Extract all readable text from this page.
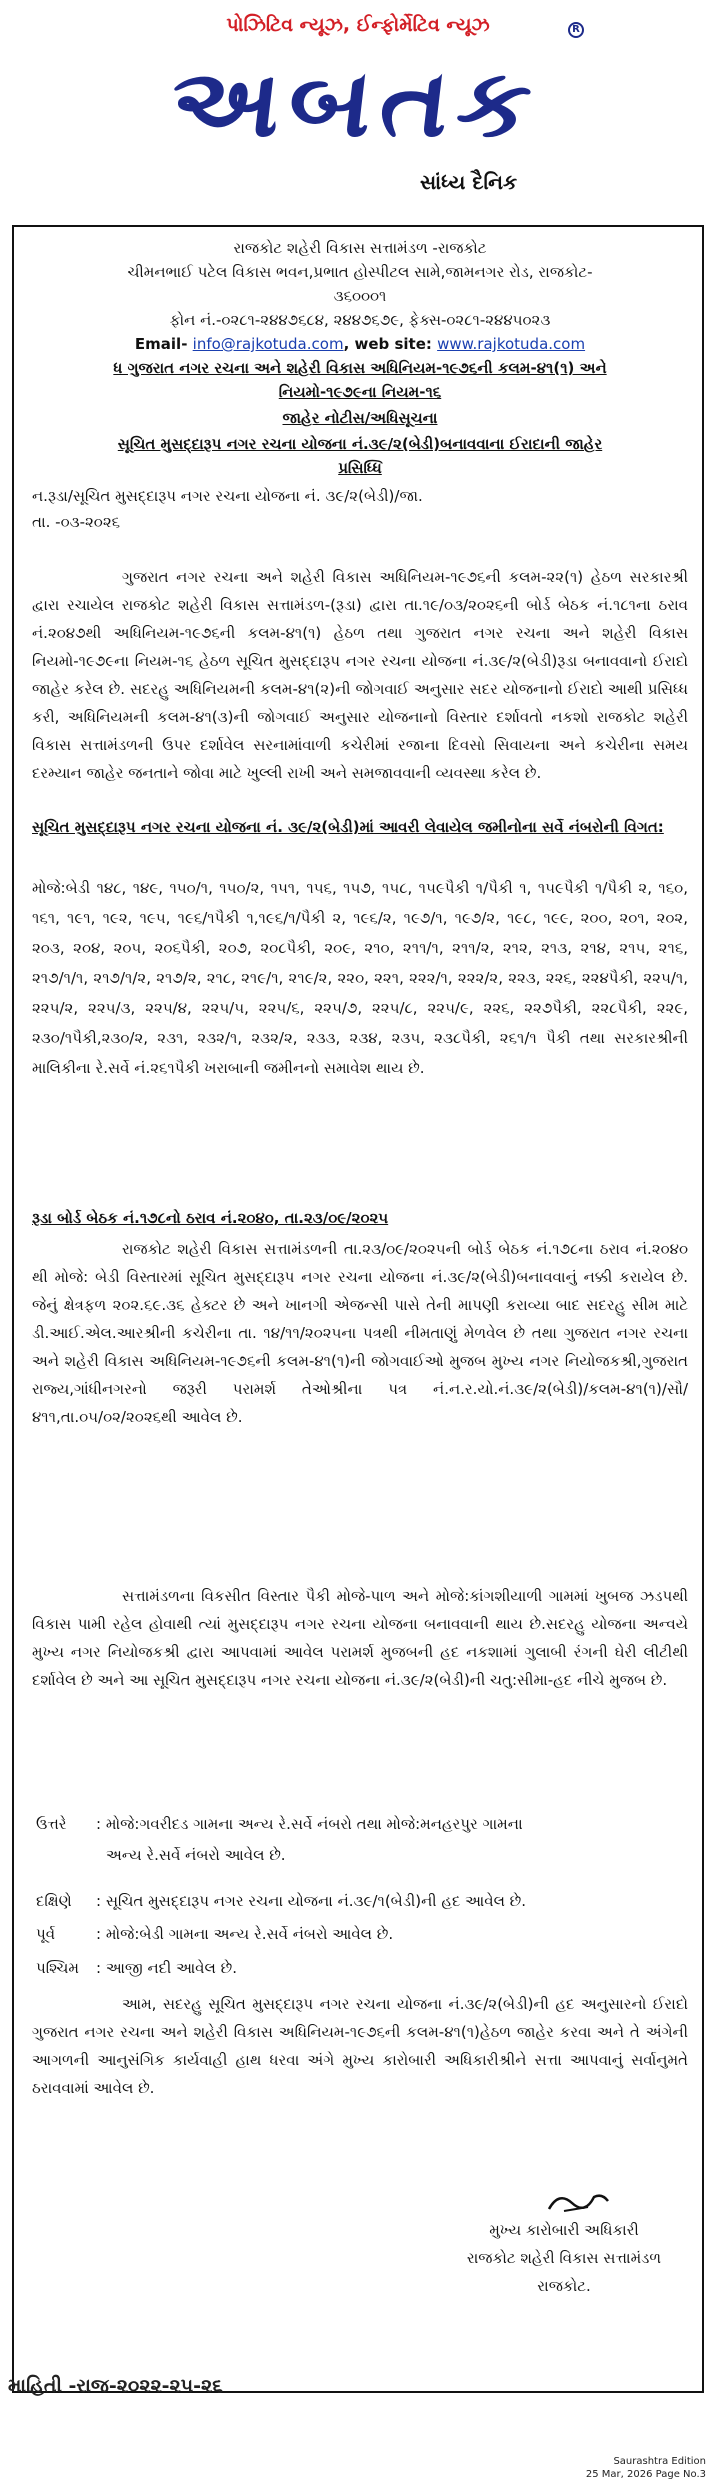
પોઝિટિવ ન્યૂઝ, ઈન્ફોર્મેટિવ ન્યૂઝ	R
અબતક
સાંધ્ય દૈનિક
રાજકોટ શહેરી વિકાસ સત્તામંડળ -રાજકોટ
ચીમનભાઈ પટેલ વિકાસ ભવન,પ્રભાત હોસ્પીટલ સામે,જામનગર રોડ, રાજકોટ-
૩૬૦૦૦૧
ફોન નં.-૦૨૮૧-૨૪૪૭૬૮૪, ૨૪૪૭૬૭૯, ફેક્સ-૦૨૮૧-૨૪૪૫૦૨૩
Email- info@rajkotuda.com, web site: www.rajkotuda.com
ધ ગુજરાત નગર રચના અને શહેરી વિકાસ અધિનિયમ-૧૯૭૬ની કલમ-૪૧(૧) અને
નિયમો-૧૯૭૯ના નિયમ-૧૬
જાહેર નોટીસ/અધિસૂચના
સૂચિત મુસદ્દારૂપ નગર રચના યોજના નં.૩૯/૨(બેડી)બનાવવાના ઈરાદાની જાહેર
પ્રસિધ્ધિ
ન.રૂડા/સૂચિત મુસદ્દારૂપ નગર રચના યોજના નં. ૩૯/૨(બેડી)/જા.
તા. -૦૩-૨૦૨૬

ગુજરાત નગર રચના અને શહેરી વિકાસ અધિનિયમ-૧૯૭૬ની કલમ-૨૨(૧) હેઠળ સરકારશ્રી દ્વારા રચાયેલ રાજકોટ શહેરી વિકાસ સત્તામંડળ-(રૂડા) દ્વારા તા.૧૯/૦૩/૨૦૨૬ની બોર્ડ બેઠક નં.૧૮૧ના ઠરાવ નં.૨૦૪૭થી અધિનિયમ-૧૯૭૬ની કલમ-૪૧(૧) હેઠળ તથા ગુજરાત નગર રચના અને શહેરી વિકાસ નિયમો-૧૯૭૯ના નિયમ-૧૬ હેઠળ સૂચિત મુસદ્દારૂપ નગર રચના યોજના નં.૩૯/૨(બેડી)રૂડા બનાવવાનો ઈરાદો જાહેર કરેલ છે. સદરહુ અધિનિયમની કલમ-૪૧(૨)ની જોગવાઈ અનુસાર સદર યોજનાનો ઈરાદો આથી પ્રસિધ્ધ કરી, અધિનિયમની કલમ-૪૧(૩)ની જોગવાઈ અનુસાર યોજનાનો વિસ્તાર દર્શાવતો નકશો રાજકોટ શહેરી વિકાસ સત્તામંડળની ઉપર દર્શાવેલ સરનામાંવાળી કચેરીમાં રજાના દિવસો સિવાયના અને કચેરીના સમય દરમ્યાન જાહેર જનતાને જોવા માટે ખુલ્લી રાખી અને સમજાવવાની વ્યવસ્થા કરેલ છે.

સૂચિત મુસદ્દારૂપ નગર રચના યોજના નં. ૩૯/૨(બેડી)માં આવરી લેવાયેલ જમીનોના સર્વે નંબરોની વિગત:
મોજે:બેડી ૧૪૮, ૧૪૯, ૧૫૦/૧, ૧૫૦/૨, ૧૫૧, ૧૫૬, ૧૫૭, ૧૫૮, ૧૫૯પૈકી ૧/પૈકી ૧, ૧૫૯પૈકી ૧/પૈકી ૨, ૧૬૦, ૧૬૧, ૧૯૧, ૧૯૨, ૧૯૫, ૧૯૬/૧પૈકી ૧,૧૯૬/૧/પૈકી ૨, ૧૯૬/૨, ૧૯૭/૧, ૧૯૭/૨, ૧૯૮, ૧૯૯, ૨૦૦, ૨૦૧, ૨૦૨, ૨૦૩, ૨૦૪, ૨૦૫, ૨૦૬પૈકી, ૨૦૭, ૨૦૮પૈકી, ૨૦૯, ૨૧૦, ૨૧૧/૧, ૨૧૧/૨, ૨૧૨, ૨૧૩, ૨૧૪, ૨૧૫, ૨૧૬, ૨૧૭/૧/૧, ૨૧૭/૧/૨, ૨૧૭/૨, ૨૧૮, ૨૧૯/૧, ૨૧૯/૨, ૨૨૦, ૨૨૧, ૨૨૨/૧, ૨૨૨/૨, ૨૨૩, ૨૨૬, ૨૨૪પૈકી, ૨૨૫/૧, ૨૨૫/૨, ૨૨૫/૩, ૨૨૫/૪, ૨૨૫/૫, ૨૨૫/૬, ૨૨૫/૭, ૨૨૫/૮, ૨૨૫/૯, ૨૨૬, ૨૨૭પૈકી, ૨૨૮પૈકી, ૨૨૯, ૨૩૦/૧પૈકી,૨૩૦/૨, ૨૩૧, ૨૩૨/૧, ૨૩૨/૨, ૨૩૩, ૨૩૪, ૨૩૫, ૨૩૮પૈકી, ૨૬૧/૧ પૈકી તથા સરકારશ્રીની માલિકીના રે.સર્વે નં.૨૬૧પૈકી ખરાબાની જમીનનો સમાવેશ થાય છે.
રૂડા બોર્ડ બેઠક નં.૧૭૮નો ઠરાવ નં.૨૦૪૦, તા.૨૩/૦૯/૨૦૨૫

રાજકોટ શહેરી વિકાસ સત્તામંડળની તા.૨૩/૦૯/૨૦૨૫ની બોર્ડ બેઠક નં.૧૭૮ના ઠરાવ નં.૨૦૪૦ થી મોજે: બેડી વિસ્તારમાં સૂચિત મુસદ્દારૂપ નગર રચના યોજના નં.૩૯/૨(બેડી)બનાવવાનું નક્કી કરાયેલ છે. જેનું ક્ષેત્રફળ ૨૦૨.૬૯.૩૬ હેક્ટર છે અને ખાનગી એજન્સી પાસે તેની માપણી કરાવ્યા બાદ સદરહુ સીમ માટે ડી.આઈ.એલ.આરશ્રીની કચેરીના તા. ૧૪/૧૧/૨૦૨૫ના પત્રથી નીમતાણું મેળવેલ છે તથા ગુજરાત નગર રચના અને શહેરી વિકાસ અધિનિયમ-૧૯૭૬ની કલમ-૪૧(૧)ની જોગવાઈઓ મુજબ મુખ્ય નગર નિયોજકશ્રી,ગુજરાત રાજ્ય,ગાંધીનગરનો જરૂરી પરામર્શ તેઓશ્રીના પત્ર નં.ન.ર.યો.નં.૩૯/૨(બેડી)/કલમ-૪૧(૧)/સૌ/૪૧૧,તા.૦૫/૦૨/૨૦૨૬થી આવેલ છે.

સત્તામંડળના વિકસીત વિસ્તાર પૈકી મોજે-પાળ અને મોજે:કાંગશીયાળી ગામમાં ખુબજ ઝડપથી વિકાસ પામી રહેલ હોવાથી ત્યાં મુસદ્દારૂપ નગર રચના યોજના બનાવવાની થાય છે.સદરહુ યોજના અન્વયે મુખ્ય નગર નિયોજકશ્રી દ્વારા આપવામાં આવેલ પરામર્શ મુજબની હદ નકશામાં ગુલાબી રંગની ઘેરી લીટીથી દર્શાવેલ છે અને આ સૂચિત મુસદ્દારૂપ નગર રચના યોજના નં.૩૯/૨(બેડી)ની ચતુ:સીમા-હદ નીચે મુજબ છે.

ઉત્તરે : મોજે:ગવરીદડ ગામના અન્ય રે.સર્વે નંબરો તથા મોજે:મનહરપુર ગામના
અન્ય રે.સર્વે નંબરો આવેલ છે.
દક્ષિણે : સૂચિત મુસદ્દારૂપ નગર રચના યોજના નં.૩૯/૧(બેડી)ની હદ આવેલ છે.
પૂર્વ	: મોજે:બેડી ગામના અન્ય રે.સર્વે નંબરો આવેલ છે.
પશ્ચિમ : આજી નદી આવેલ છે.

આમ, સદરહુ સૂચિત મુસદ્દારૂપ નગર રચના યોજના નં.૩૯/૨(બેડી)ની હદ અનુસારનો ઈરાદો ગુજરાત નગર રચના અને શહેરી વિકાસ અધિનિયમ-૧૯૭૬ની કલમ-૪૧(૧)હેઠળ જાહેર કરવા અને તે અંગેની આગળની આનુસંગિક કાર્યવાહી હાથ ધરવા અંગે મુખ્ય કારોબારી અધિકારીશ્રીને સત્તા આપવાનું સર્વાનુમતે ઠરાવવામાં આવેલ છે.

મુખ્ય કારોબારી અધિકારી
રાજકોટ શહેરી વિકાસ સત્તામંડળ
રાજકોટ.
માહિતી -રાજ-૨૦૨૨-૨૫-૨૬
Saurashtra Edition
25 Mar, 2026 Page No.3
